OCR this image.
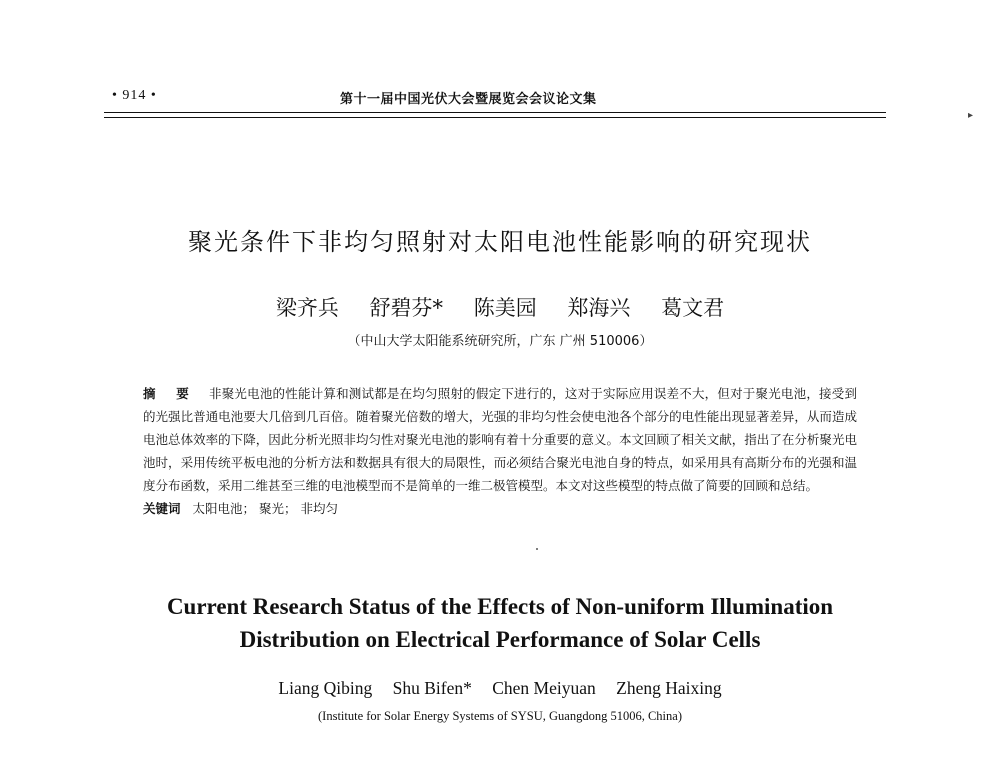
• 914 •	第十一届中国光伏大会暨展览会会议论文集
▸
聚光条件下非均匀照射对太阳电池性能影响的研究现状
梁齐兵 舒碧芬* 陈美园 郑海兴 葛文君
（中山大学太阳能系统研究所，广东 广州 510006）

摘 要 非聚光电池的性能计算和测试都是在均匀照射的假定下进行的，这对于实际应用误差不大，但对于聚光电池，接受到的光强比普通电池要大几倍到几百倍。随着聚光倍数的增大，光强的非均匀性会使电池各个部分的电性能出现显著差异，从而造成电池总体效率的下降，因此分析光照非均匀性对聚光电池的影响有着十分重要的意义。本文回顾了相关文献，指出了在分析聚光电池时，采用传统平板电池的分析方法和数据具有很大的局限性，而必须结合聚光电池自身的特点，如采用具有高斯分布的光强和温度分布函数，采用二维甚至三维的电池模型而不是简单的一维二极管模型。本文对这些模型的特点做了简要的回顾和总结。

关键词 太阳电池； 聚光； 非均匀

Current Research Status of the Effects of Non-uniform Illumination
Distribution on Electrical Performance of Solar Cells
Liang Qibing Shu Bifen* Chen Meiyuan Zheng Haixing
(Institute for Solar Energy Systems of SYSU, Guangdong 51006, China)
